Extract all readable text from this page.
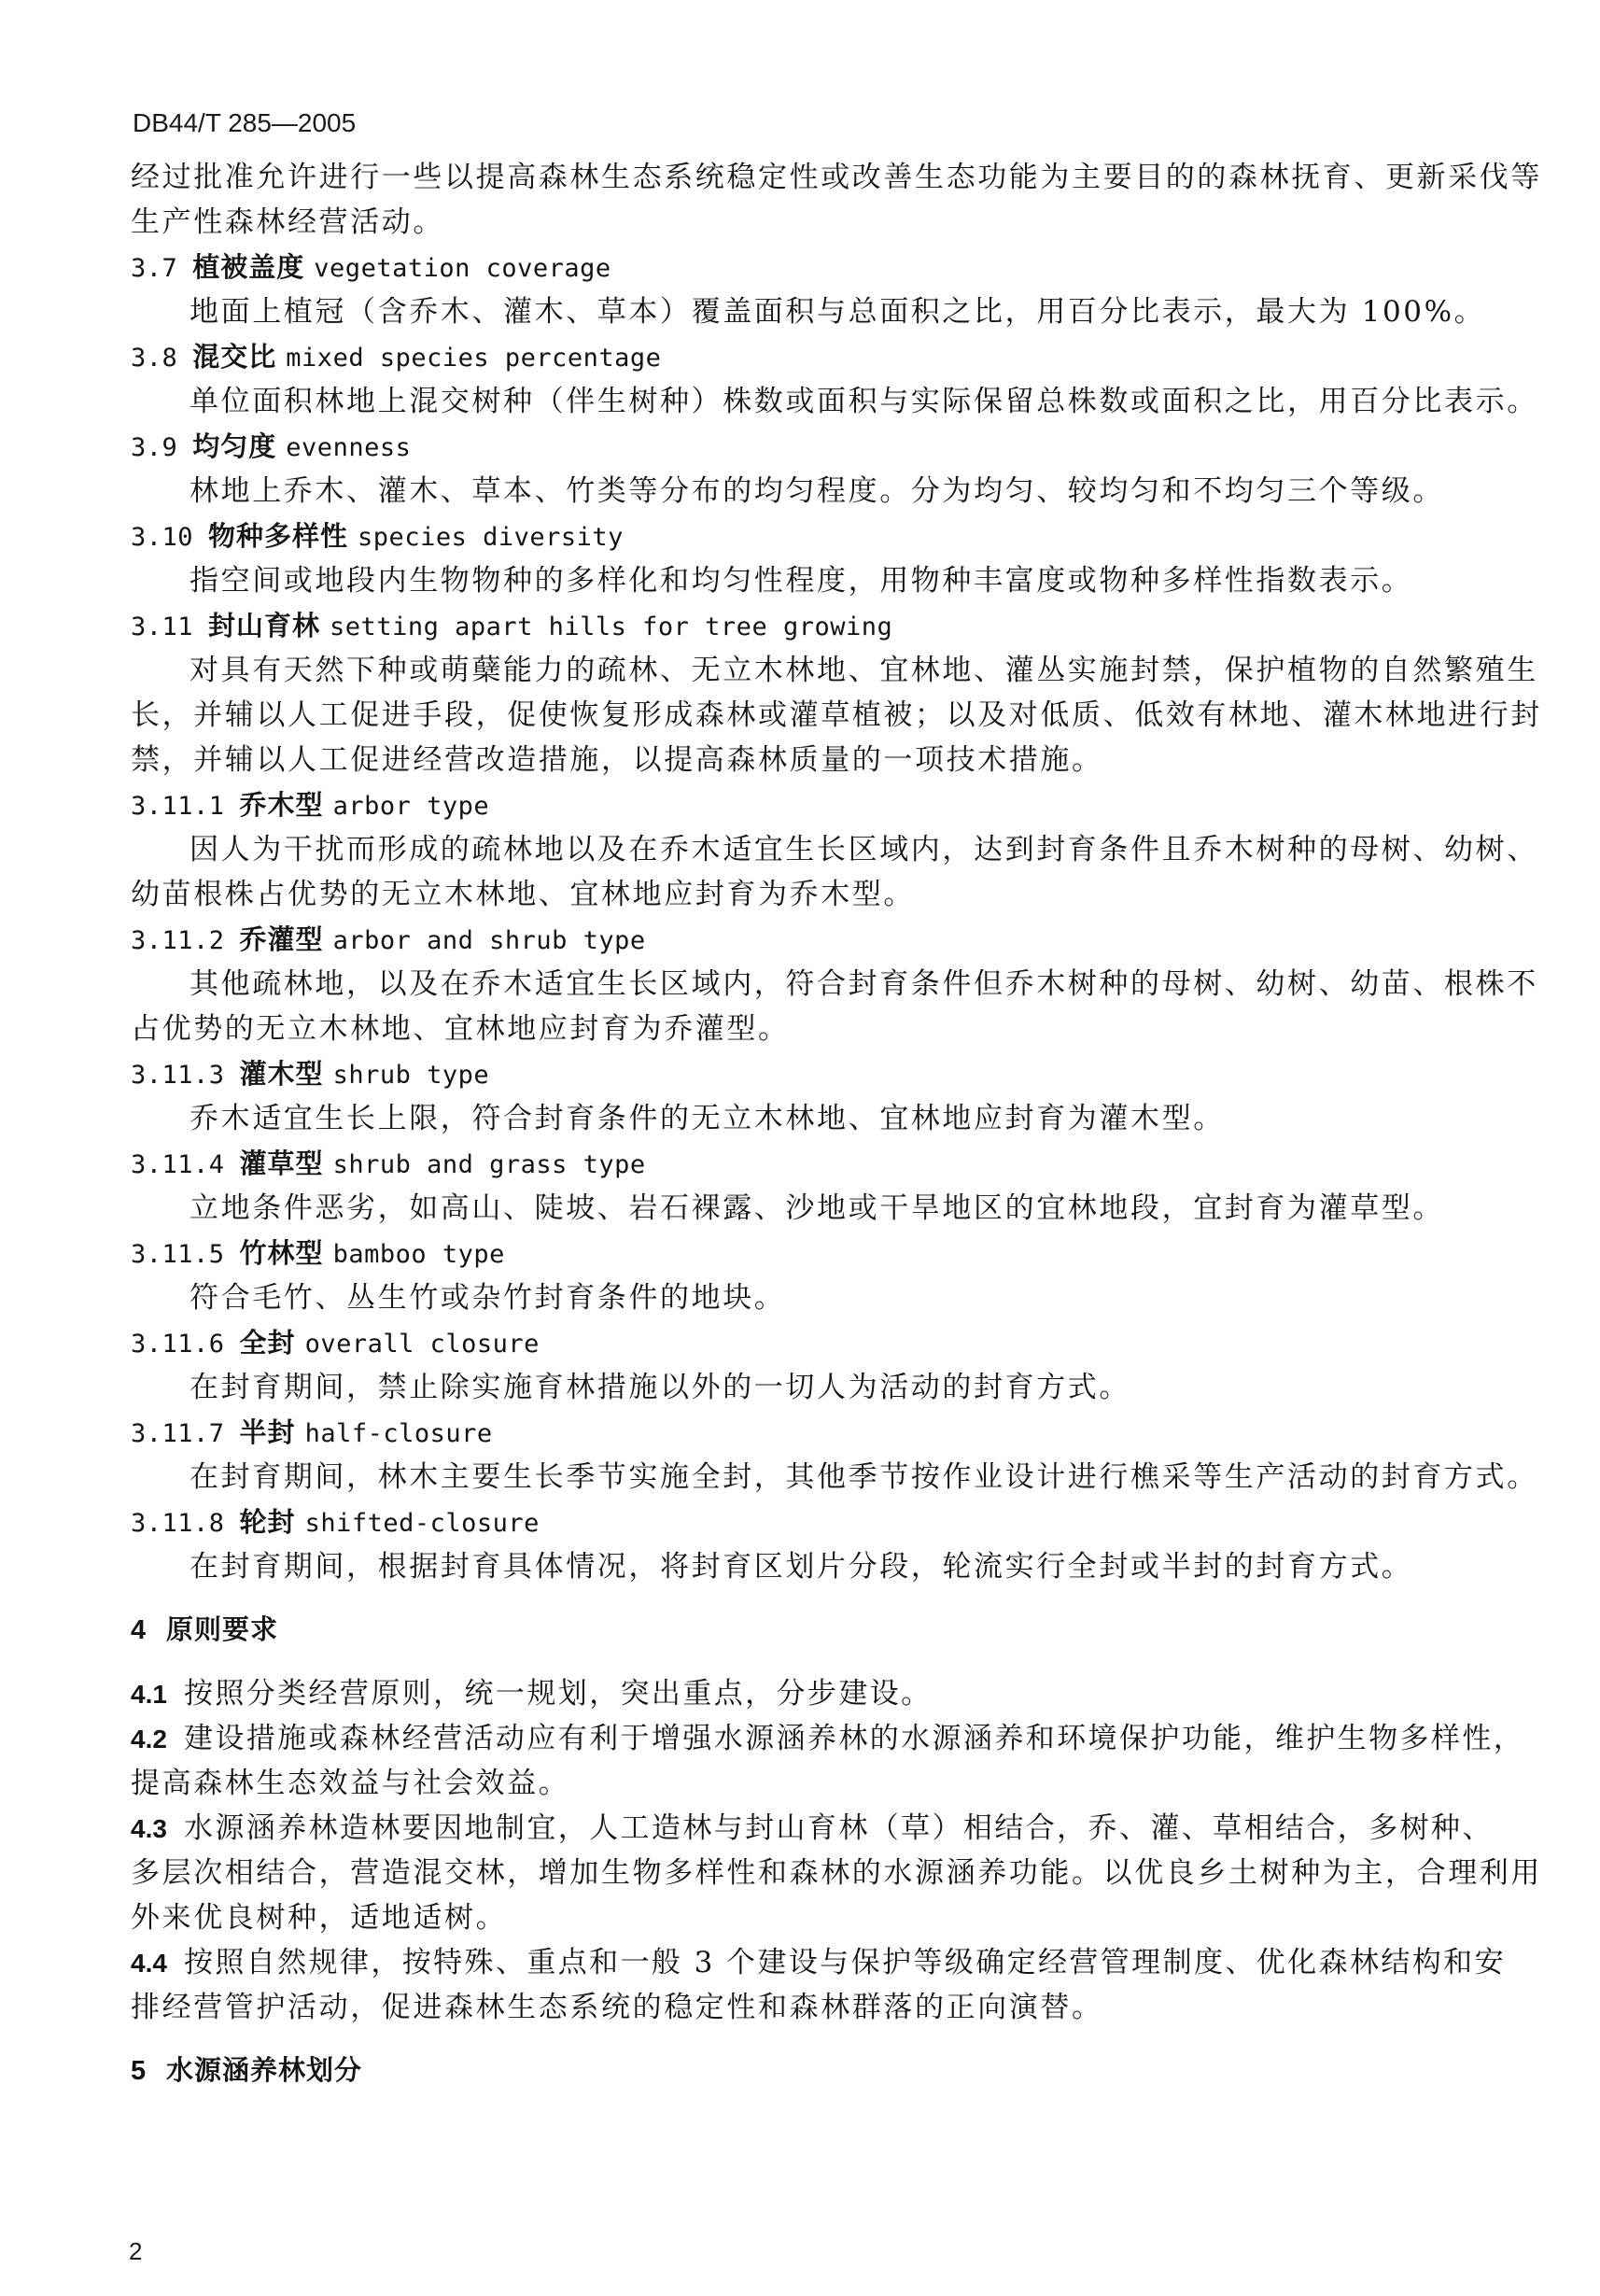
DB44/T 285—2005
经过批准允许进行一些以提高森林生态系统稳定性或改善生态功能为主要目的的森林抚育、更新采伐等
生产性森林经营活动。
3.7 植被盖度 vegetation coverage
地面上植冠（含乔木、灌木、草本）覆盖面积与总面积之比，用百分比表示，最大为 100%。
3.8 混交比 mixed species percentage
单位面积林地上混交树种（伴生树种）株数或面积与实际保留总株数或面积之比，用百分比表示。
3.9 均匀度 evenness
林地上乔木、灌木、草本、竹类等分布的均匀程度。分为均匀、较均匀和不均匀三个等级。
3.10 物种多样性 species diversity
指空间或地段内生物物种的多样化和均匀性程度，用物种丰富度或物种多样性指数表示。
3.11 封山育林 setting apart hills for tree growing
对具有天然下种或萌蘖能力的疏林、无立木林地、宜林地、灌丛实施封禁，保护植物的自然繁殖生
长，并辅以人工促进手段，促使恢复形成森林或灌草植被；以及对低质、低效有林地、灌木林地进行封
禁，并辅以人工促进经营改造措施，以提高森林质量的一项技术措施。
3.11.1 乔木型 arbor type
因人为干扰而形成的疏林地以及在乔木适宜生长区域内，达到封育条件且乔木树种的母树、幼树、
幼苗根株占优势的无立木林地、宜林地应封育为乔木型。
3.11.2 乔灌型 arbor and shrub type
其他疏林地，以及在乔木适宜生长区域内，符合封育条件但乔木树种的母树、幼树、幼苗、根株不
占优势的无立木林地、宜林地应封育为乔灌型。
3.11.3 灌木型 shrub type
乔木适宜生长上限，符合封育条件的无立木林地、宜林地应封育为灌木型。
3.11.4 灌草型 shrub and grass type
立地条件恶劣，如高山、陡坡、岩石裸露、沙地或干旱地区的宜林地段，宜封育为灌草型。
3.11.5 竹林型 bamboo type
符合毛竹、丛生竹或杂竹封育条件的地块。
3.11.6 全封 overall closure
在封育期间，禁止除实施育林措施以外的一切人为活动的封育方式。
3.11.7 半封 half-closure
在封育期间，林木主要生长季节实施全封，其他季节按作业设计进行樵采等生产活动的封育方式。
3.11.8 轮封 shifted-closure
在封育期间，根据封育具体情况，将封育区划片分段，轮流实行全封或半封的封育方式。
4 原则要求
4.1 按照分类经营原则，统一规划，突出重点，分步建设。
4.2 建设措施或森林经营活动应有利于增强水源涵养林的水源涵养和环境保护功能，维护生物多样性，
提高森林生态效益与社会效益。
4.3 水源涵养林造林要因地制宜，人工造林与封山育林（草）相结合，乔、灌、草相结合，多树种、
多层次相结合，营造混交林，增加生物多样性和森林的水源涵养功能。以优良乡土树种为主，合理利用
外来优良树种，适地适树。
4.4 按照自然规律，按特殊、重点和一般 3 个建设与保护等级确定经营管理制度、优化森林结构和安
排经营管护活动，促进森林生态系统的稳定性和森林群落的正向演替。
5 水源涵养林划分
2
